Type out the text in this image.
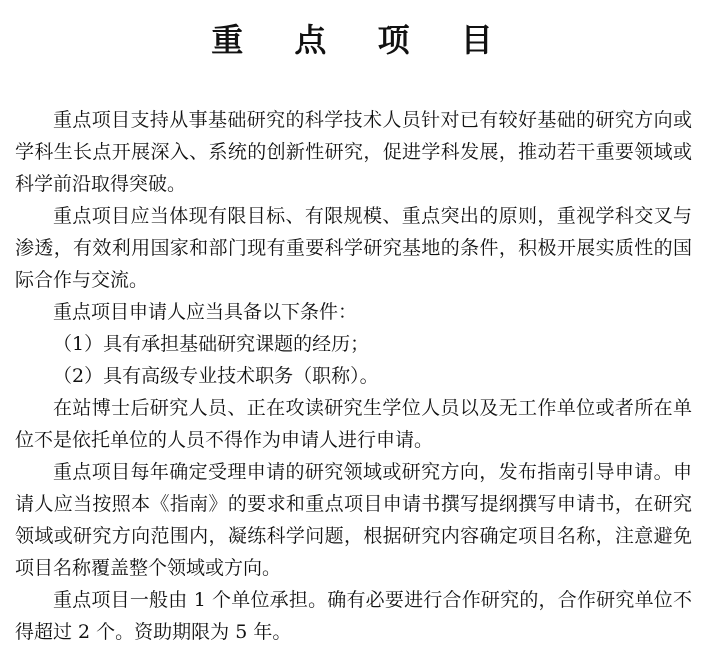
重 点 项 目

重点项目支持从事基础研究的科学技术人员针对已有较好基础的研究方向或学科生长点开展深入、系统的创新性研究，促进学科发展，推动若干重要领域或科学前沿取得突破。

重点项目应当体现有限目标、有限规模、重点突出的原则，重视学科交叉与渗透，有效利用国家和部门现有重要科学研究基地的条件，积极开展实质性的国际合作与交流。

重点项目申请人应当具备以下条件：

（1）具有承担基础研究课题的经历；

（2）具有高级专业技术职务（职称）。

在站博士后研究人员、正在攻读研究生学位人员以及无工作单位或者所在单位不是依托单位的人员不得作为申请人进行申请。

重点项目每年确定受理申请的研究领域或研究方向，发布指南引导申请。申请人应当按照本《指南》的要求和重点项目申请书撰写提纲撰写申请书，在研究领域或研究方向范围内，凝练科学问题，根据研究内容确定项目名称，注意避免项目名称覆盖整个领域或方向。

重点项目一般由 1 个单位承担。确有必要进行合作研究的，合作研究单位不得超过 2 个。资助期限为 5 年。
